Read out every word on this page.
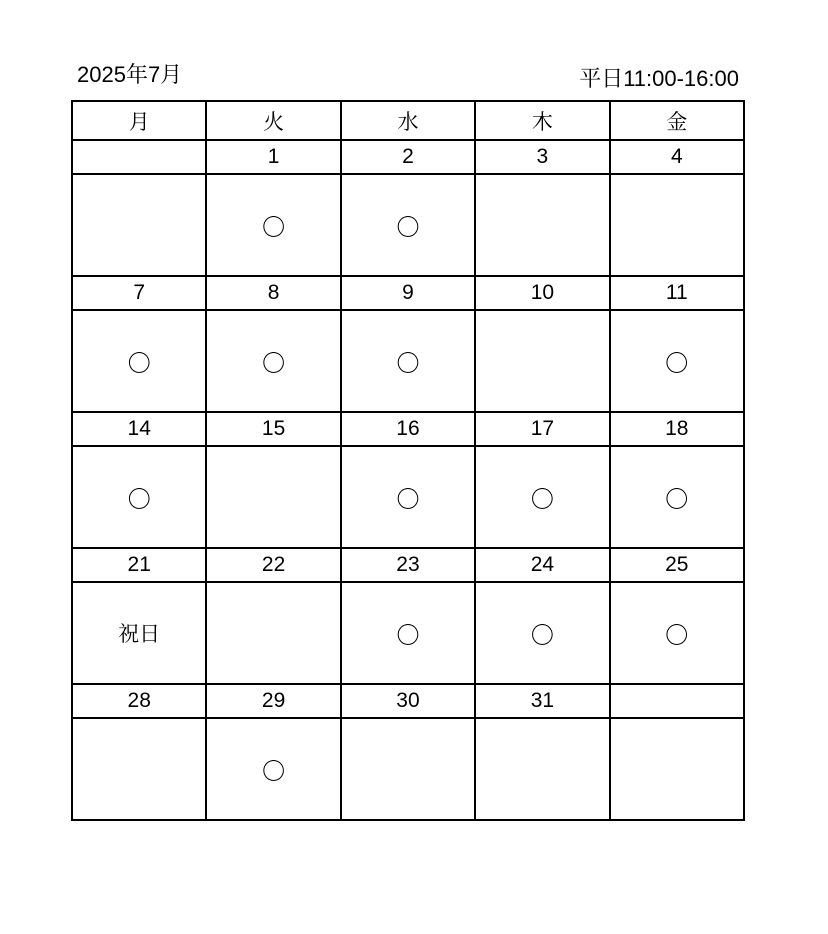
2025年7月	平日11:00-16:00
月	火	水	木	金
	1	2	3	4
	〇	〇		
7	8	9	10	11
〇	〇	〇		〇
14	15	16	17	18
〇		〇	〇	〇
21	22	23	24	25
祝日		〇	〇	〇
28	29	30	31	
	〇			
